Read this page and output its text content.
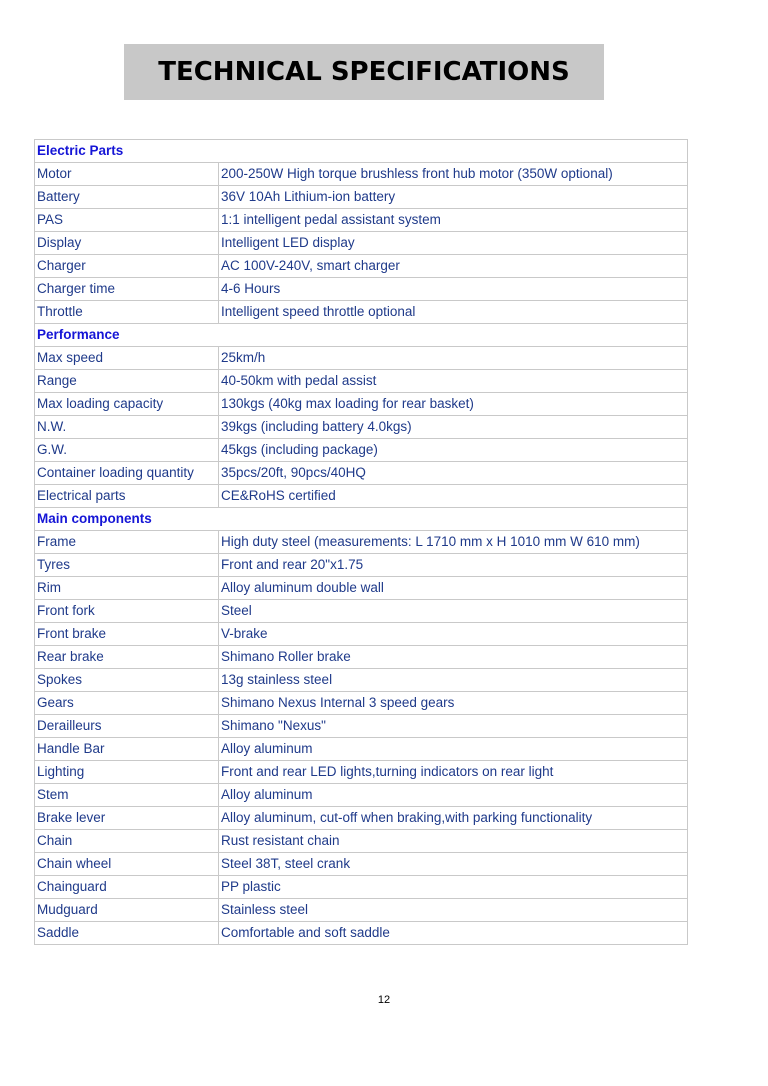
TECHNICAL SPECIFICATIONS
Electric Parts	
Motor	200-250W High torque brushless front hub motor (350W optional)
Battery	36V 10Ah Lithium-ion battery
PAS	1:1 intelligent pedal assistant system
Display	Intelligent LED display
Charger	AC 100V-240V, smart charger
Charger time	4-6 Hours
Throttle	Intelligent speed throttle optional
Performance	
Max speed	25km/h
Range	40-50km with pedal assist
Max loading capacity	130kgs (40kg max loading for rear basket)
N.W.	39kgs (including battery 4.0kgs)
G.W.	45kgs (including package)
Container loading quantity	35pcs/20ft, 90pcs/40HQ
Electrical parts	CE&RoHS certified
Main components	
Frame	High duty steel (measurements: L 1710 mm x H 1010 mm W 610 mm)
Tyres	Front and rear 20"x1.75
Rim	Alloy aluminum double wall
Front fork	Steel
Front brake	V-brake
Rear brake	Shimano Roller brake
Spokes	13g stainless steel
Gears	Shimano Nexus Internal 3 speed gears
Derailleurs	Shimano "Nexus"
Handle Bar	Alloy aluminum
Lighting	Front and rear LED lights,turning indicators on rear light
Stem	Alloy aluminum
Brake lever	Alloy aluminum, cut-off when braking,with parking functionality
Chain	Rust resistant chain
Chain wheel	Steel 38T, steel crank
Chainguard	PP plastic
Mudguard	Stainless steel
Saddle	Comfortable and soft saddle
12
